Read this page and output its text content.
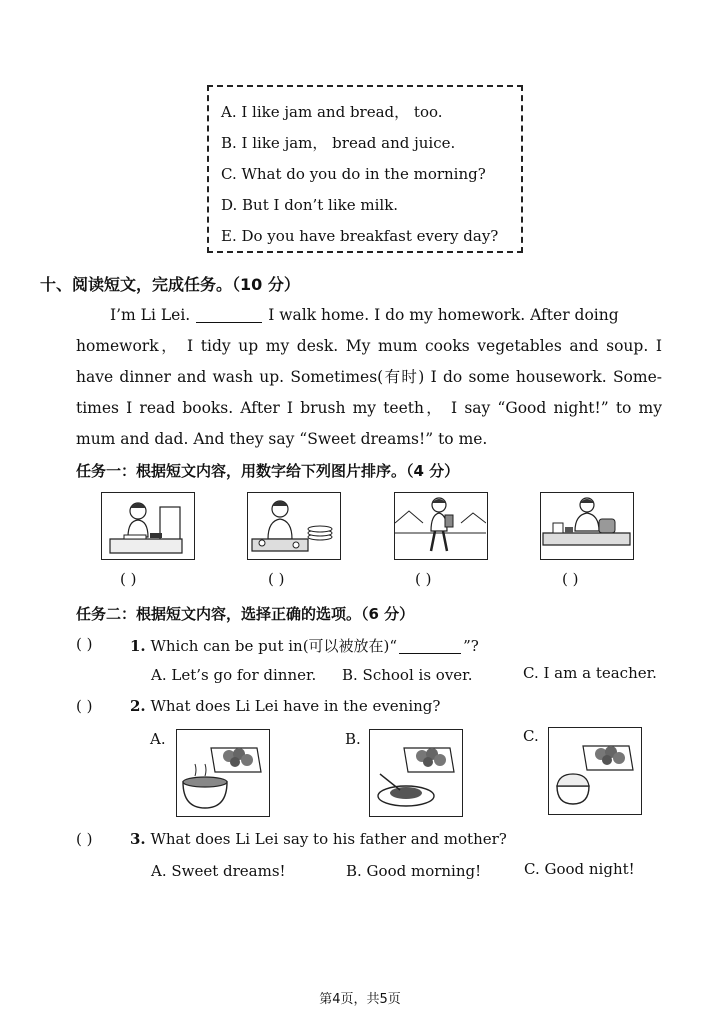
A. I like jam and bread， too.
B. I like jam， bread and juice.
C. What do you do in the morning?
D. But I don’t like milk.
E. Do you have breakfast every day?
十、阅读短文，完成任务。（10 分）
I’m Li Lei.	I walk home. I do my homework. After doing
homework， I tidy up my desk. My mum cooks vegetables and soup. I
have dinner and wash up. Sometimes(有时) I do some housework. Some-
times I read books. After I brush my teeth， I say “Good night!” to my
mum and dad. And they say “Sweet dreams!” to me.
任务一：根据短文内容，用数字给下列图片排序。（4 分）
( )	( )	( )	( )
任务二：根据短文内容，选择正确的选项。（6 分）
( )	1. Which can be put in(可以被放在)“	”?
A. Let’s go for dinner. B. School is over.	C. I am a teacher.
( )	2. What does Li Lei have in the evening?
A.	B.	C.
( )	3. What does Li Lei say to his father and mother?
A. Sweet dreams!	B. Good morning!	C. Good night!
第4页，共5页
